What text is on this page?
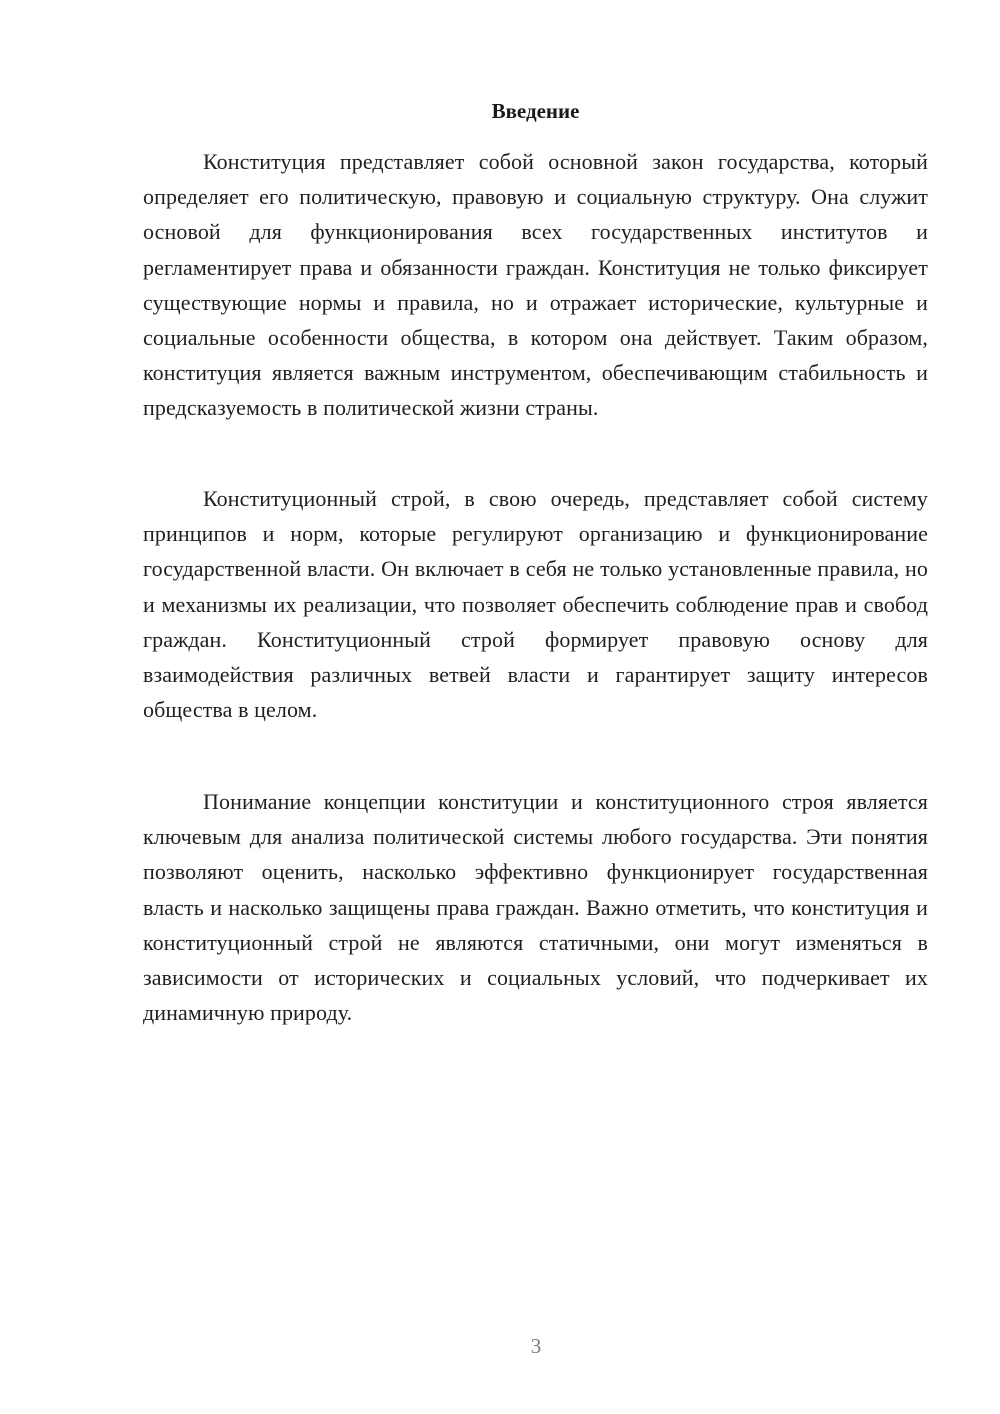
Введение

Конституция представляет собой основной закон государства, который определяет его политическую, правовую и социальную структуру. Она служит основой для функционирования всех государственных институтов и регламентирует права и обязанности граждан. Конституция не только фиксирует существующие нормы и правила, но и отражает исторические, культурные и социальные особенности общества, в котором она действует. Таким образом, конституция является важным инструментом, обеспечивающим стабильность и предсказуемость в политической жизни страны.

Конституционный строй, в свою очередь, представляет собой систему принципов и норм, которые регулируют организацию и функционирование государственной власти. Он включает в себя не только установленные правила, но и механизмы их реализации, что позволяет обеспечить соблюдение прав и свобод граждан. Конституционный строй формирует правовую основу для взаимодействия различных ветвей власти и гарантирует защиту интересов общества в целом.

Понимание концепции конституции и конституционного строя является ключевым для анализа политической системы любого государства. Эти понятия позволяют оценить, насколько эффективно функционирует государственная власть и насколько защищены права граждан. Важно отметить, что конституция и конституционный строй не являются статичными, они могут изменяться в зависимости от исторических и социальных условий, что подчеркивает их динамичную природу.

3
